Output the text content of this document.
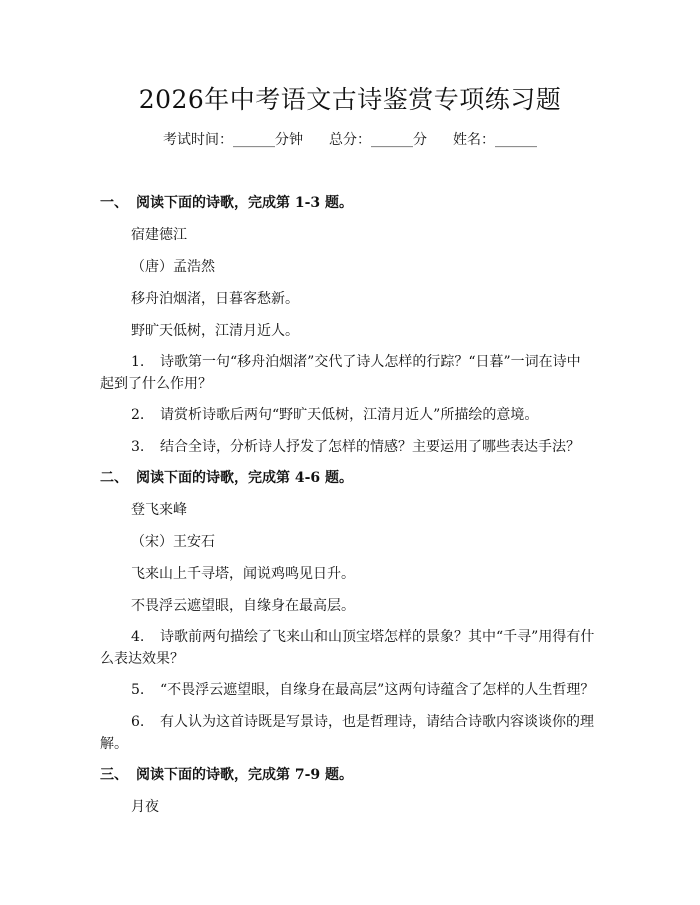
2026年中考语文古诗鉴赏专项练习题
考试时间：______分钟 总分：______分 姓名：______
一、 阅读下面的诗歌，完成第 1-3 题。
宿建德江
（唐）孟浩然
移舟泊烟渚，日暮客愁新。
野旷天低树，江清月近人。
1. 诗歌第一句“移舟泊烟渚”交代了诗人怎样的行踪？“日暮”一词在诗中
起到了什么作用？
2. 请赏析诗歌后两句“野旷天低树，江清月近人”所描绘的意境。
3. 结合全诗，分析诗人抒发了怎样的情感？主要运用了哪些表达手法？
二、 阅读下面的诗歌，完成第 4-6 题。
登飞来峰
（宋）王安石
飞来山上千寻塔，闻说鸡鸣见日升。
不畏浮云遮望眼，自缘身在最高层。
4. 诗歌前两句描绘了飞来山和山顶宝塔怎样的景象？其中“千寻”用得有什
么表达效果？
5. “不畏浮云遮望眼，自缘身在最高层”这两句诗蕴含了怎样的人生哲理？
6. 有人认为这首诗既是写景诗，也是哲理诗，请结合诗歌内容谈谈你的理
解。
三、 阅读下面的诗歌，完成第 7-9 题。
月夜
